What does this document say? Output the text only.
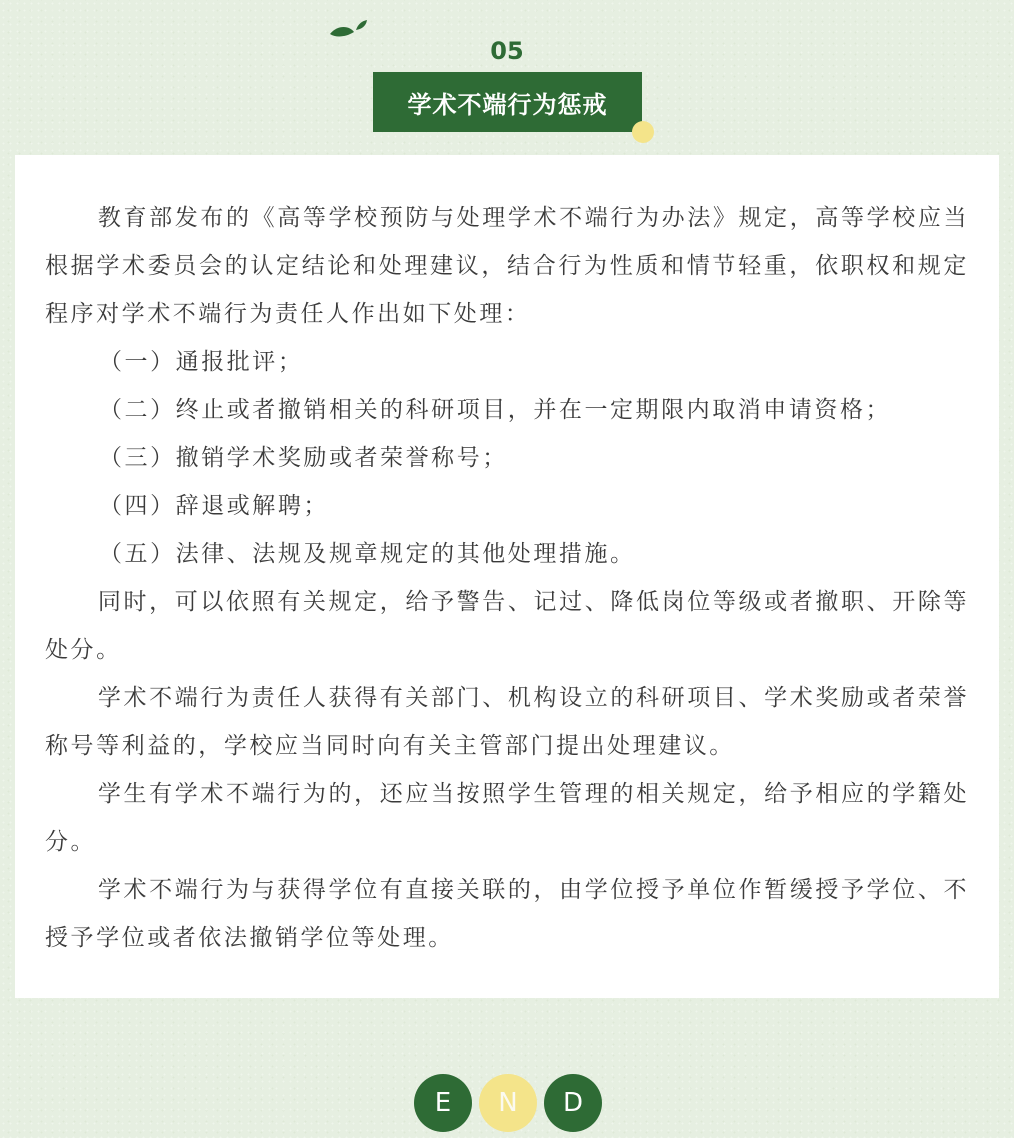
05
学术不端行为惩戒

教育部发布的《高等学校预防与处理学术不端行为办法》规定，高等学校应当根据学术委员会的认定结论和处理建议，结合行为性质和情节轻重，依职权和规定程序对学术不端行为责任人作出如下处理：

（一）通报批评；

（二）终止或者撤销相关的科研项目，并在一定期限内取消申请资格；

（三）撤销学术奖励或者荣誉称号；

（四）辞退或解聘；

（五）法律、法规及规章规定的其他处理措施。

同时，可以依照有关规定，给予警告、记过、降低岗位等级或者撤职、开除等处分。

学术不端行为责任人获得有关部门、机构设立的科研项目、学术奖励或者荣誉称号等利益的，学校应当同时向有关主管部门提出处理建议。

学生有学术不端行为的，还应当按照学生管理的相关规定，给予相应的学籍处分。

学术不端行为与获得学位有直接关联的，由学位授予单位作暂缓授予学位、不授予学位或者依法撤销学位等处理。

E	N	D
